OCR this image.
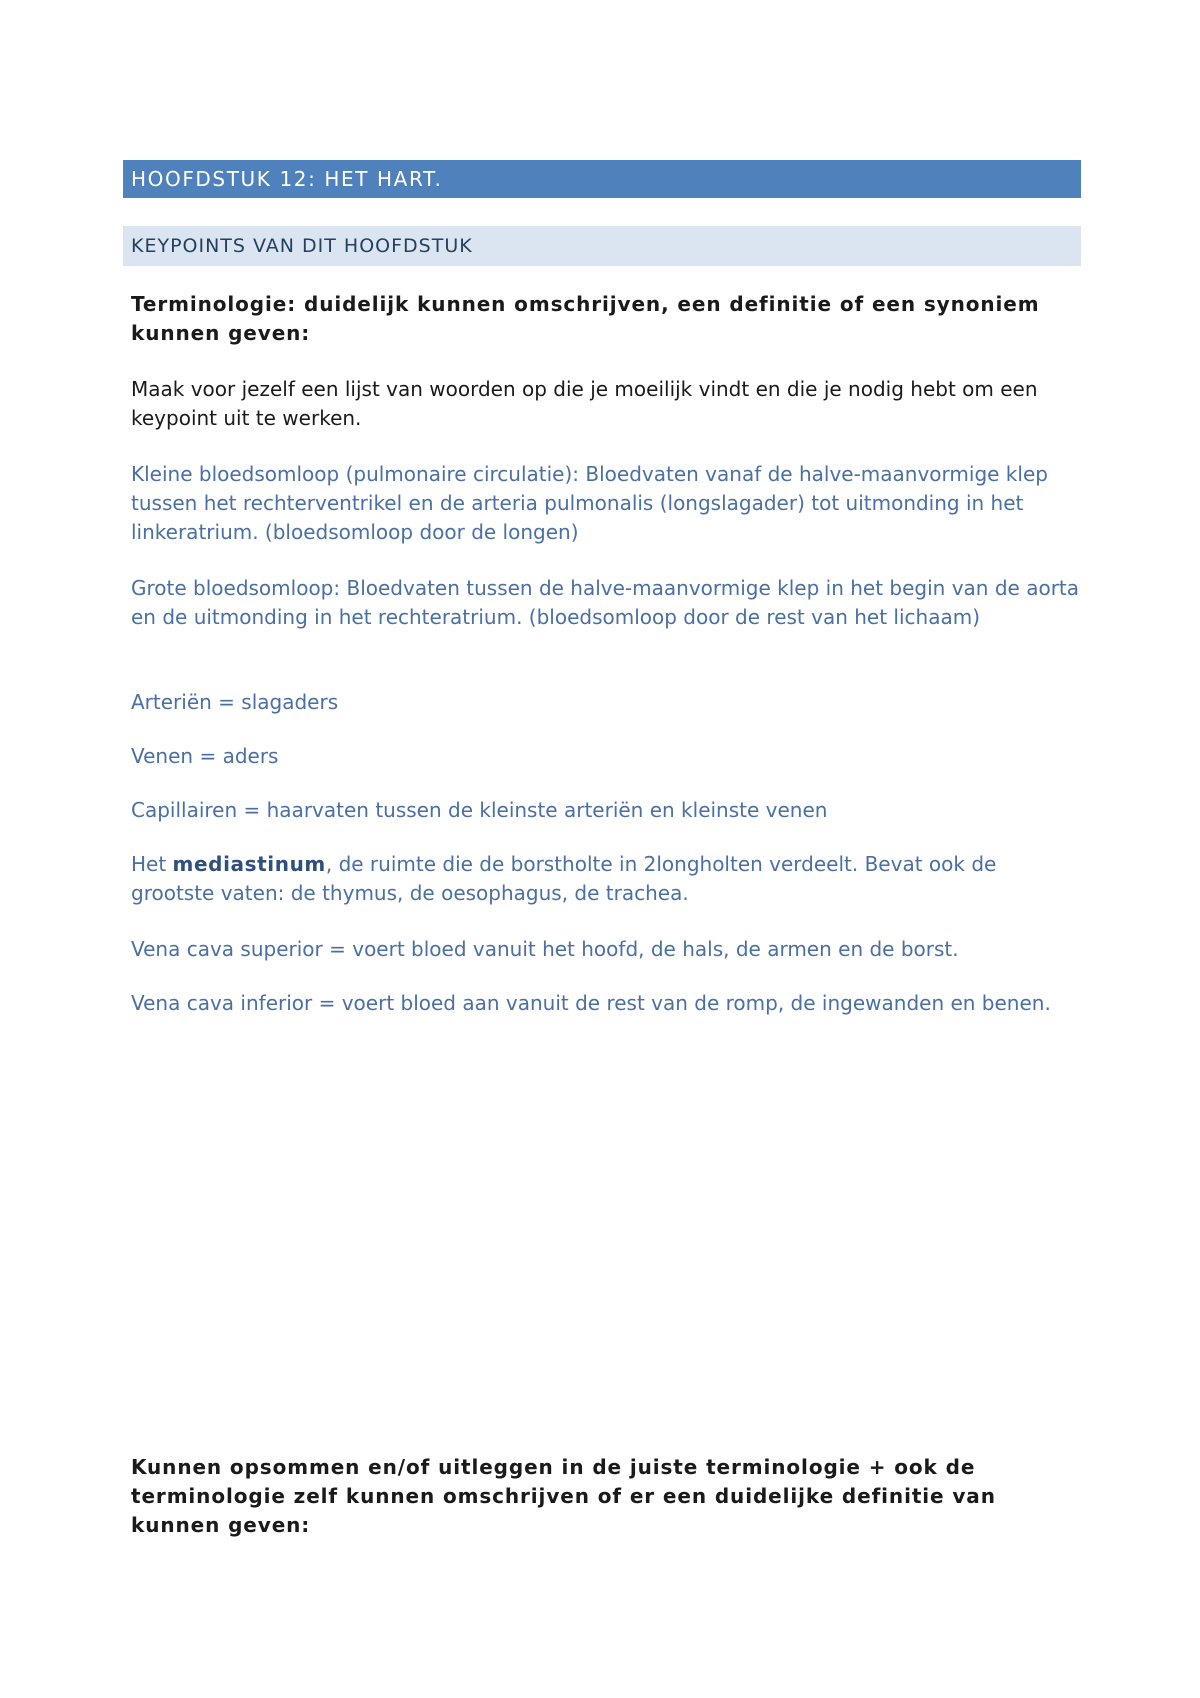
HOOFDSTUK 12: HET HART.
KEYPOINTS VAN DIT HOOFDSTUK

Terminologie: duidelijk kunnen omschrijven, een definitie of een synoniem kunnen geven:

Maak voor jezelf een lijst van woorden op die je moeilijk vindt en die je nodig hebt om een keypoint uit te werken.

Kleine bloedsomloop (pulmonaire circulatie): Bloedvaten vanaf de halve-maanvormige klep tussen het rechterventrikel en de arteria pulmonalis (longslagader) tot uitmonding in het linkeratrium. (bloedsomloop door de longen)

Grote bloedsomloop: Bloedvaten tussen de halve-maanvormige klep in het begin van de aorta en de uitmonding in het rechteratrium. (bloedsomloop door de rest van het lichaam)

Arteriën = slagaders

Venen = aders

Capillairen = haarvaten tussen de kleinste arteriën en kleinste venen

Het mediastinum, de ruimte die de borstholte in 2longholten verdeelt. Bevat ook de grootste vaten: de thymus, de oesophagus, de trachea.

Vena cava superior = voert bloed vanuit het hoofd, de hals, de armen en de borst.

Vena cava inferior = voert bloed aan vanuit de rest van de romp, de ingewanden en benen.

Kunnen opsommen en/of uitleggen in de juiste terminologie + ook de terminologie zelf kunnen omschrijven of er een duidelijke definitie van kunnen geven:
